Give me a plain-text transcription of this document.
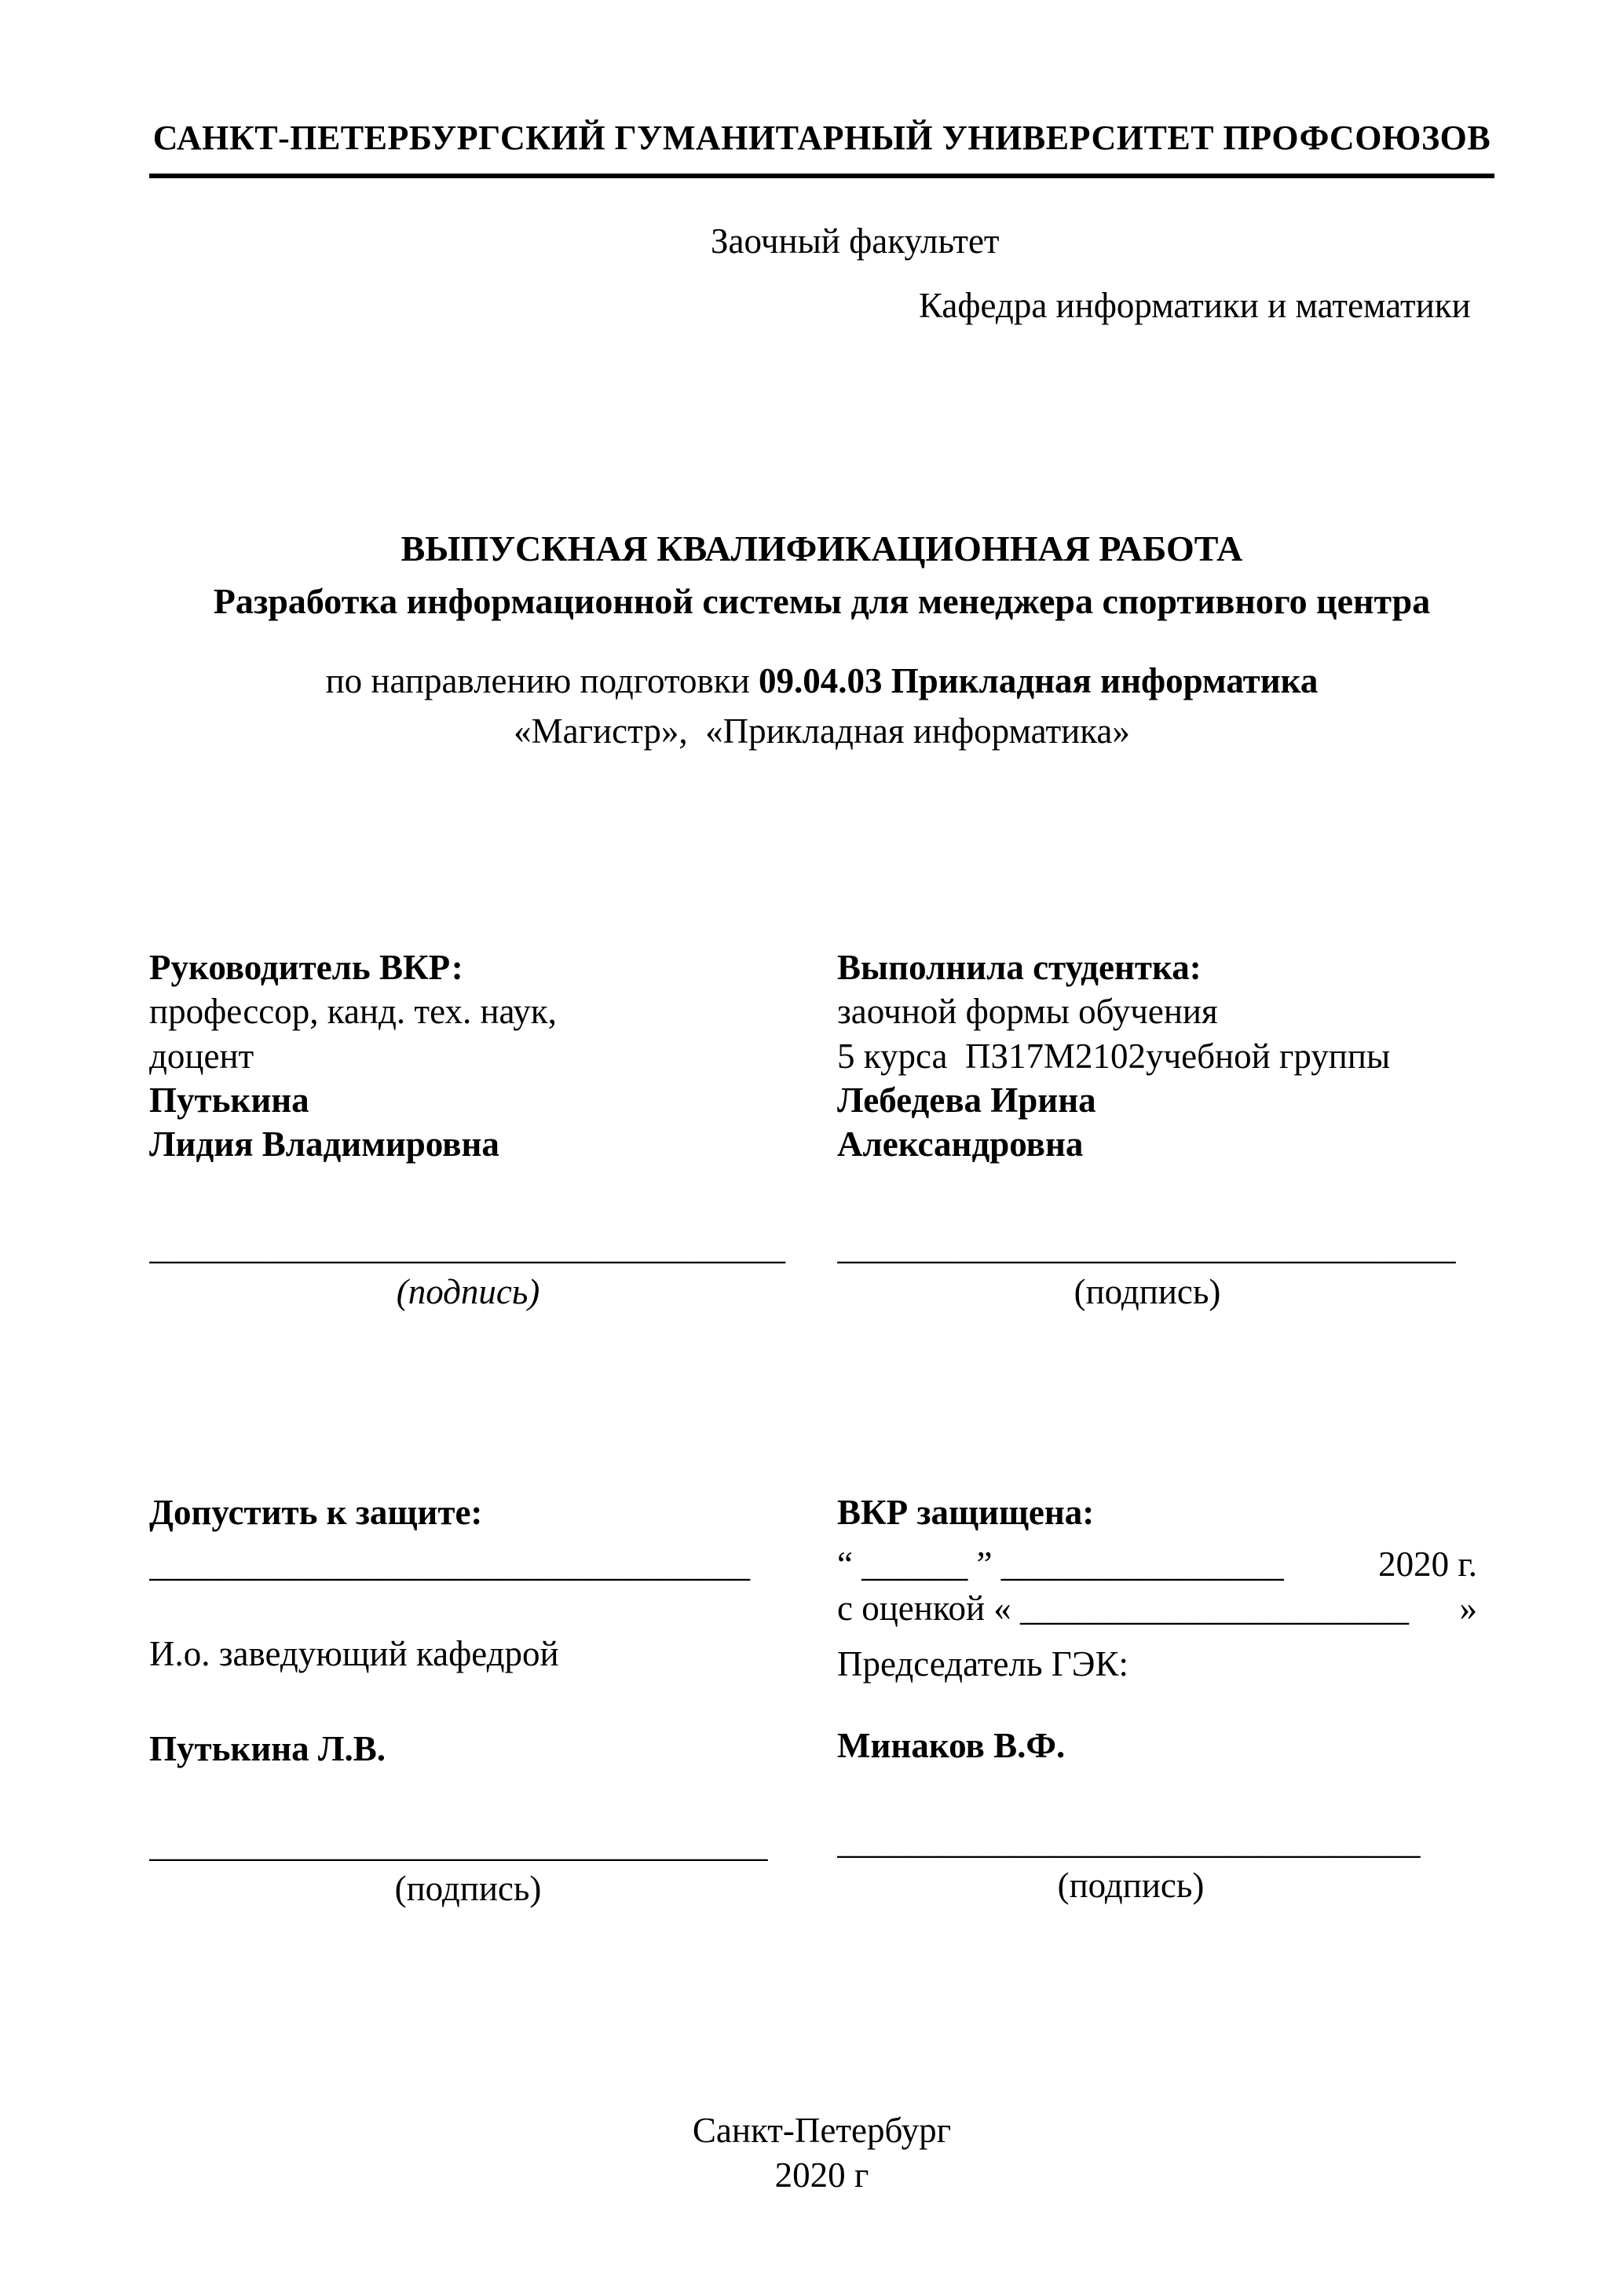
САНКТ-ПЕТЕРБУРГСКИЙ ГУМАНИТАРНЫЙ УНИВЕРСИТЕТ ПРОФСОЮЗОВ
Заочный факультет
Кафедра информатики и математики
ВЫПУСКНАЯ КВАЛИФИКАЦИОННАЯ РАБОТА
Разработка информационной системы для менеджера спортивного центра
по направлению подготовки 09.04.03 Прикладная информатика
«Магистр»,  «Прикладная информатика»
Руководитель ВКР:
профессор, канд. тех. наук,
доцент
Путькина
Лидия Владимировна
____________________________________
(подпись)
Выполнила студентка:
заочной формы обучения
5 курса  ПЗ17М2102учебной группы
Лебедева Ирина
Александровна
___________________________________
(подпись)
Допустить к защите:
__________________________________
И.о. заведующий кафедрой
Путькина Л.В.
___________________________________
(подпись)
ВКР защищена:
“ ______ ” ________________	2020 г.
с оценкой « ______________________ »
Председатель ГЭК:
Минаков В.Ф.
_________________________________
(подпись)
Санкт-Петербург
2020 г
